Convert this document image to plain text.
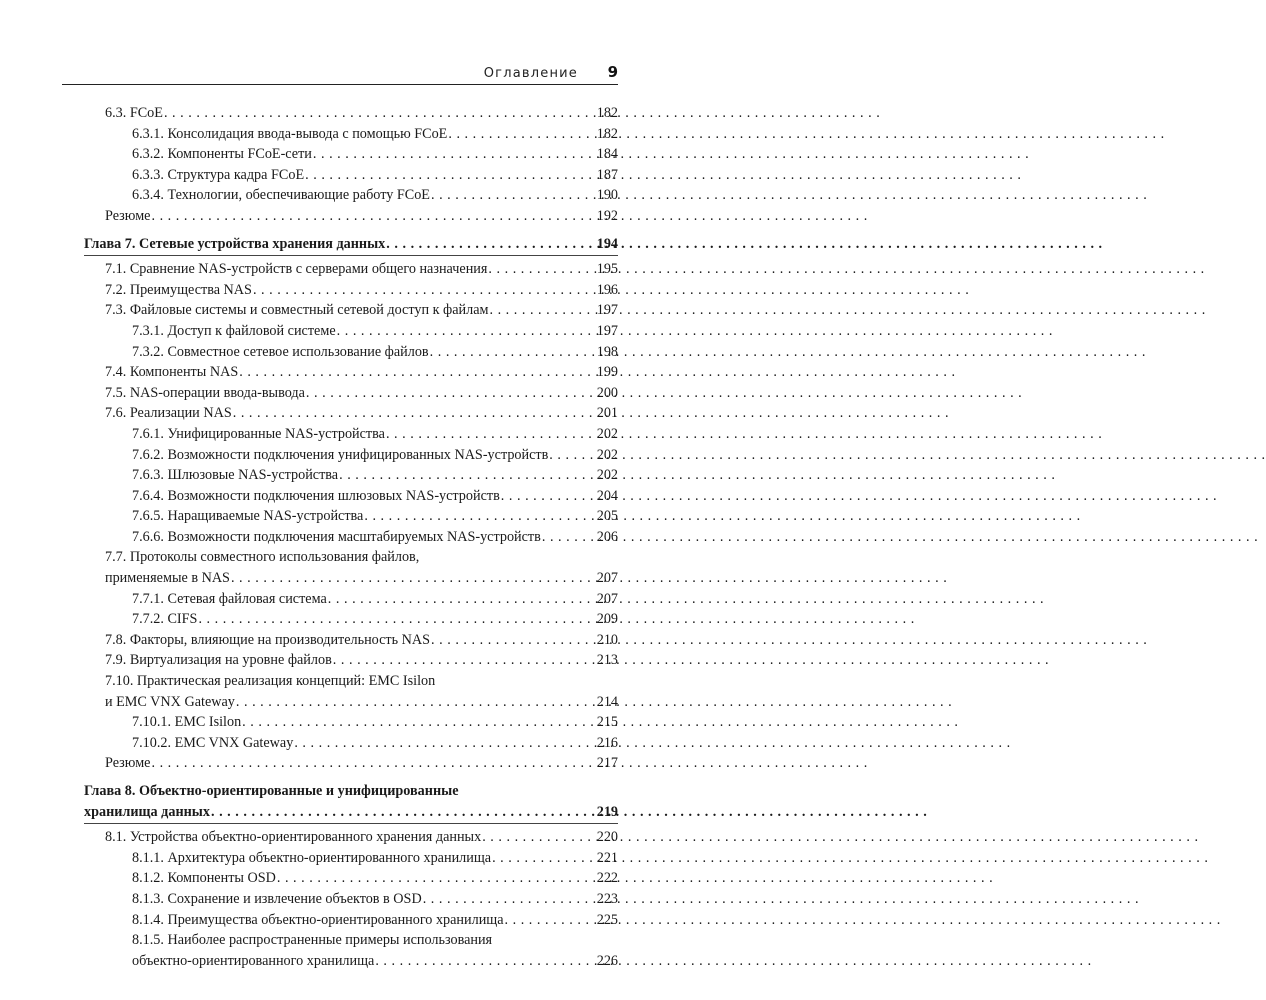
Оглавление 9
6.3. FCoE . . .	182
6.3.1. Консолидация ввода-вывода с помощью FCoE . . .	182
6.3.2. Компоненты FCoE-сети . . .	184
6.3.3. Структура кадра FCoE . . .	187
6.3.4. Технологии, обеспечивающие работу FCoE . . .	190
Резюме . . .	192
Глава 7. Сетевые устройства хранения данных . . .	194
7.1. Сравнение NAS-устройств с серверами общего назначения . . .	195
7.2. Преимущества NAS . . .	196
7.3. Файловые системы и совместный сетевой доступ к файлам . . .	197
7.3.1. Доступ к файловой системе . . .	197
7.3.2. Совместное сетевое использование файлов . . .	198
7.4. Компоненты NAS . . .	199
7.5. NAS-операции ввода-вывода . . .	200
7.6. Реализации NAS . . .	201
7.6.1. Унифицированные NAS-устройства . . .	202
7.6.2. Возможности подключения унифицированных NAS-устройств . . .	202
7.6.3. Шлюзовые NAS-устройства . . .	202
7.6.4. Возможности подключения шлюзовых NAS-устройств . . .	204
7.6.5. Наращиваемые NAS-устройства . . .	205
7.6.6. Возможности подключения масштабируемых NAS-устройств . . .	206
7.7. Протоколы совместного использования файлов,
применяемые в NAS . . .	207
7.7.1. Сетевая файловая система . . .	207
7.7.2. CIFS . . .	209
7.8. Факторы, влияющие на производительность NAS . . .	210
7.9. Виртуализация на уровне файлов . . .	213
7.10. Практическая реализация концепций: EMC Isilon
и EMC VNX Gateway . . .	214
7.10.1. EMC Isilon . . .	215
7.10.2. EMC VNX Gateway . . .	216
Резюме . . .	217
Глава 8. Объектно-ориентированные и унифицированные
хранилища данных . . .	219
8.1. Устройства объектно-ориентированного хранения данных . . .	220
8.1.1. Архитектура объектно-ориентированного хранилища . . .	221
8.1.2. Компоненты OSD . . .	222
8.1.3. Сохранение и извлечение объектов в OSD . . .	223
8.1.4. Преимущества объектно-ориентированного хранилища . . .	225
8.1.5. Наиболее распространенные примеры использования
объектно-ориентированного хранилища . . .	226
